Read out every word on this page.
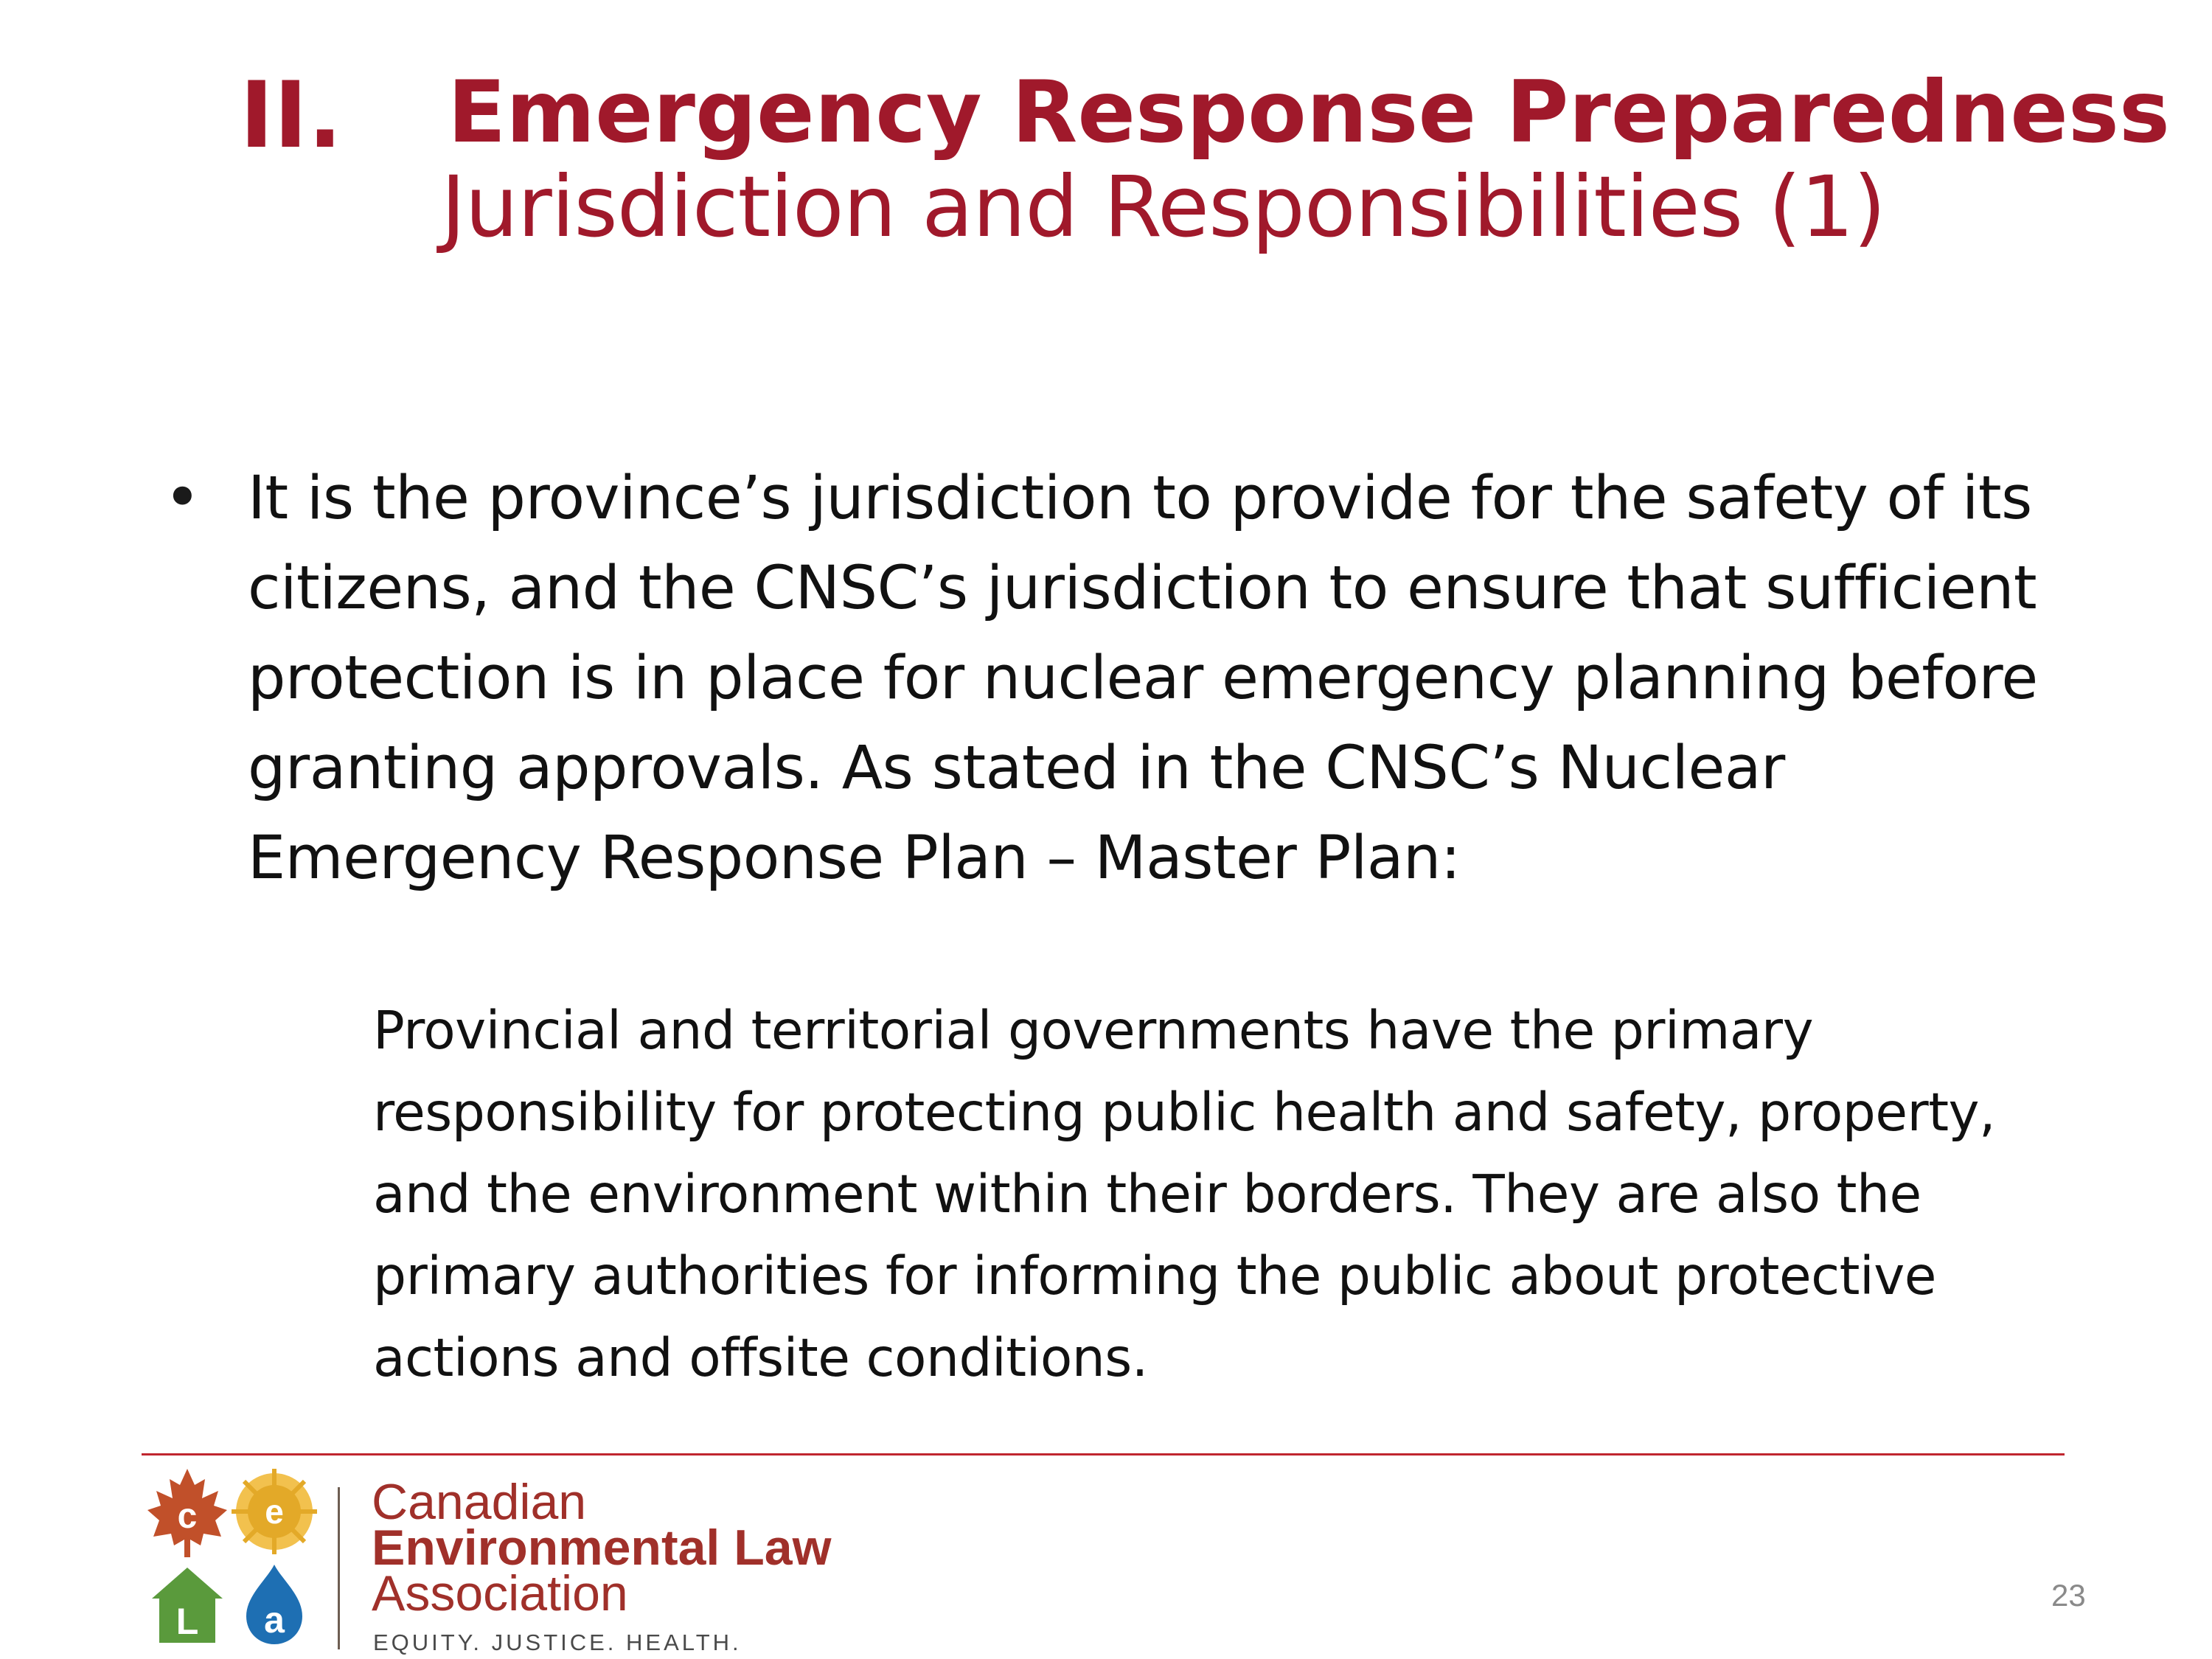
II. Emergency Response Preparedness
Jurisdiction and Responsibilities (1)
• It is the province’s jurisdiction to provide for the safety of its citizens, and the CNSC’s jurisdiction to ensure that sufficient protection is in place for nuclear emergency planning before granting approvals. As stated in the CNSC’s Nuclear Emergency Response Plan – Master Plan:
Provincial and territorial governments have the primary responsibility for protecting public health and safety, property, and the environment within their borders. They are also the primary authorities for informing the public about protective actions and offsite conditions.
c e
L a
Canadian
Environmental Law
Association
EQUITY. JUSTICE. HEALTH.
23
